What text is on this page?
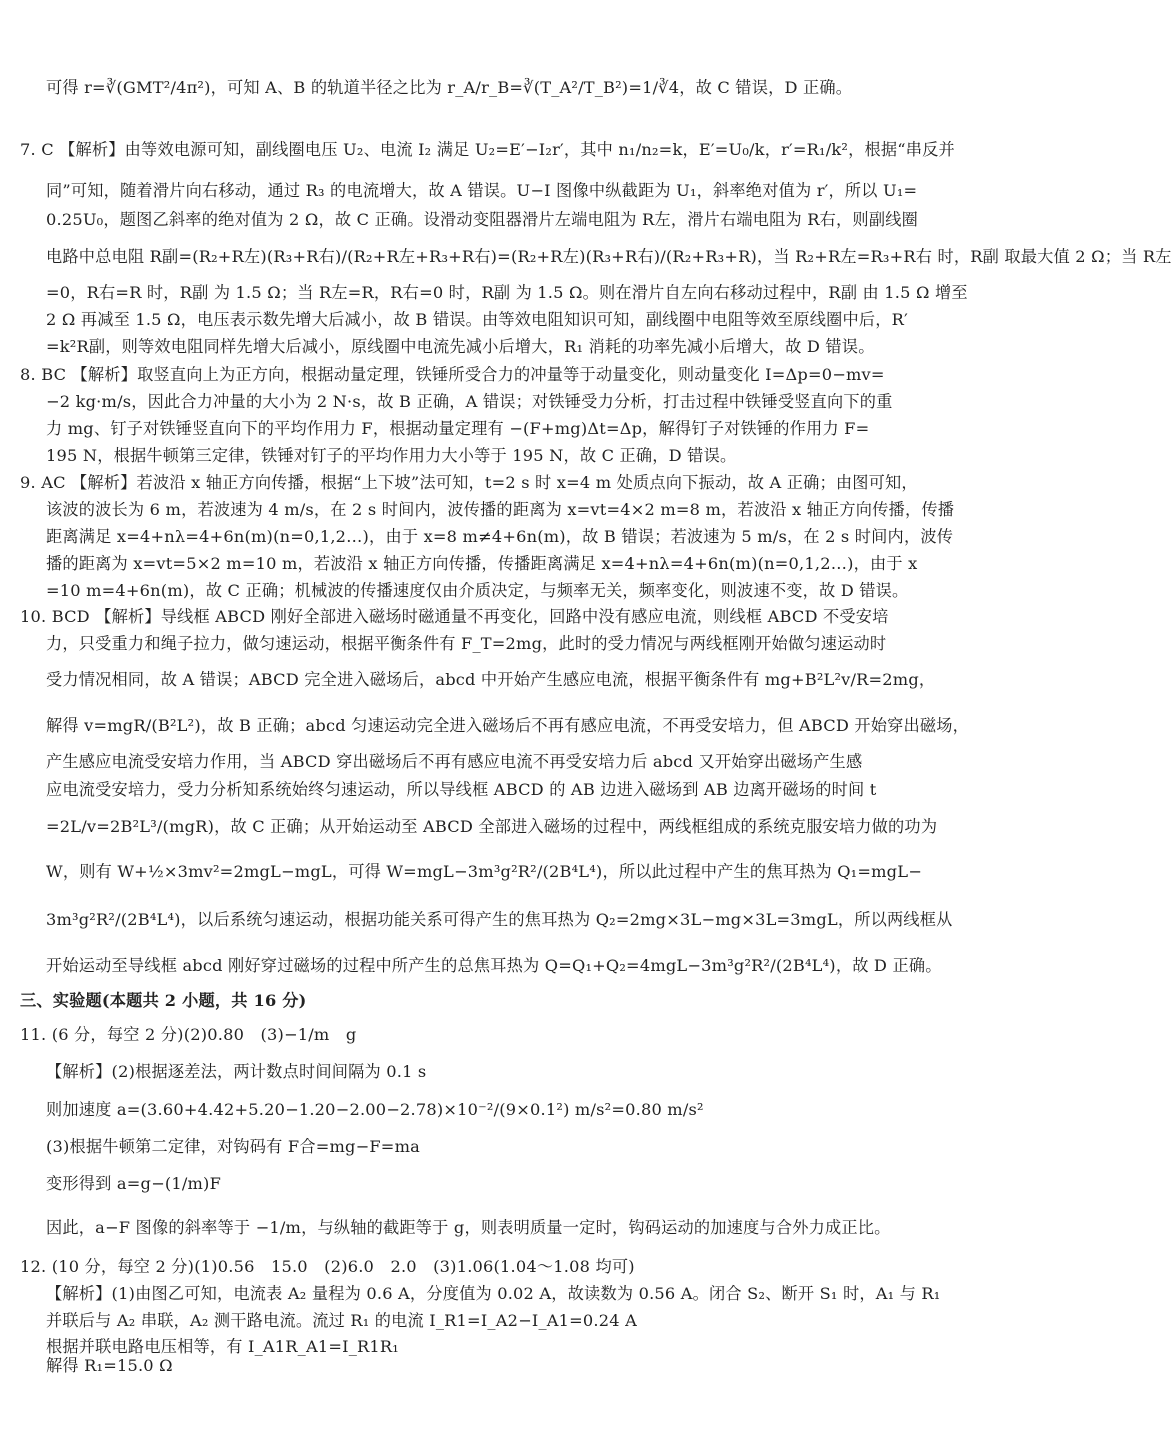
可得 r=∛(GMT²/4π²)，可知 A、B 的轨道半径之比为 r_A/r_B=∛(T_A²/T_B²)=1/∛4，故 C 错误，D 正确。
7. C 【解析】由等效电源可知，副线圈电压 U₂、电流 I₂ 满足 U₂=E′−I₂r′，其中 n₁/n₂=k，E′=U₀/k，r′=R₁/k²，根据“串反并
同”可知，随着滑片向右移动，通过 R₃ 的电流增大，故 A 错误。U−I 图像中纵截距为 U₁，斜率绝对值为 r′，所以 U₁=
0.25U₀，题图乙斜率的绝对值为 2 Ω，故 C 正确。设滑动变阻器滑片左端电阻为 R左，滑片右端电阻为 R右，则副线圈
电路中总电阻 R副=(R₂+R左)(R₃+R右)/(R₂+R左+R₃+R右)=(R₂+R左)(R₃+R右)/(R₂+R₃+R)，当 R₂+R左=R₃+R右 时，R副 取最大值 2 Ω；当 R左
=0，R右=R 时，R副 为 1.5 Ω；当 R左=R，R右=0 时，R副 为 1.5 Ω。则在滑片自左向右移动过程中，R副 由 1.5 Ω 增至
2 Ω 再减至 1.5 Ω，电压表示数先增大后减小，故 B 错误。由等效电阻知识可知，副线圈中电阻等效至原线圈中后，R′
=k²R副，则等效电阻同样先增大后减小，原线圈中电流先减小后增大，R₁ 消耗的功率先减小后增大，故 D 错误。
8. BC 【解析】取竖直向上为正方向，根据动量定理，铁锤所受合力的冲量等于动量变化，则动量变化 I=Δp=0−mv=
−2 kg·m/s，因此合力冲量的大小为 2 N·s，故 B 正确，A 错误；对铁锤受力分析，打击过程中铁锤受竖直向下的重
力 mg、钉子对铁锤竖直向下的平均作用力 F，根据动量定理有 −(F+mg)Δt=Δp，解得钉子对铁锤的作用力 F=
195 N，根据牛顿第三定律，铁锤对钉子的平均作用力大小等于 195 N，故 C 正确，D 错误。
9. AC 【解析】若波沿 x 轴正方向传播，根据“上下坡”法可知，t=2 s 时 x=4 m 处质点向下振动，故 A 正确；由图可知，
该波的波长为 6 m，若波速为 4 m/s，在 2 s 时间内，波传播的距离为 x=vt=4×2 m=8 m，若波沿 x 轴正方向传播，传播
距离满足 x=4+nλ=4+6n(m)(n=0,1,2…)，由于 x=8 m≠4+6n(m)，故 B 错误；若波速为 5 m/s，在 2 s 时间内，波传
播的距离为 x=vt=5×2 m=10 m，若波沿 x 轴正方向传播，传播距离满足 x=4+nλ=4+6n(m)(n=0,1,2…)，由于 x
=10 m=4+6n(m)，故 C 正确；机械波的传播速度仅由介质决定，与频率无关，频率变化，则波速不变，故 D 错误。
10. BCD 【解析】导线框 ABCD 刚好全部进入磁场时磁通量不再变化，回路中没有感应电流，则线框 ABCD 不受安培
力，只受重力和绳子拉力，做匀速运动，根据平衡条件有 F_T=2mg，此时的受力情况与两线框刚开始做匀速运动时
受力情况相同，故 A 错误；ABCD 完全进入磁场后，abcd 中开始产生感应电流，根据平衡条件有 mg+B²L²v/R=2mg，
解得 v=mgR/(B²L²)，故 B 正确；abcd 匀速运动完全进入磁场后不再有感应电流，不再受安培力，但 ABCD 开始穿出磁场，
产生感应电流受安培力作用，当 ABCD 穿出磁场后不再有感应电流不再受安培力后 abcd 又开始穿出磁场产生感
应电流受安培力，受力分析知系统始终匀速运动，所以导线框 ABCD 的 AB 边进入磁场到 AB 边离开磁场的时间 t
=2L/v=2B²L³/(mgR)，故 C 正确；从开始运动至 ABCD 全部进入磁场的过程中，两线框组成的系统克服安培力做的功为
W，则有 W+½×3mv²=2mgL−mgL，可得 W=mgL−3m³g²R²/(2B⁴L⁴)，所以此过程中产生的焦耳热为 Q₁=mgL−
3m³g²R²/(2B⁴L⁴)，以后系统匀速运动，根据功能关系可得产生的焦耳热为 Q₂=2mg×3L−mg×3L=3mgL，所以两线框从
开始运动至导线框 abcd 刚好穿过磁场的过程中所产生的总焦耳热为 Q=Q₁+Q₂=4mgL−3m³g²R²/(2B⁴L⁴)，故 D 正确。
三、实验题(本题共 2 小题，共 16 分)
11. (6 分，每空 2 分)(2)0.80　(3)−1/m　g
【解析】(2)根据逐差法，两计数点时间间隔为 0.1 s
则加速度 a=(3.60+4.42+5.20−1.20−2.00−2.78)×10⁻²/(9×0.1²) m/s²=0.80 m/s²
(3)根据牛顿第二定律，对钩码有 F合=mg−F=ma
变形得到 a=g−(1/m)F
因此，a−F 图像的斜率等于 −1/m，与纵轴的截距等于 g，则表明质量一定时，钩码运动的加速度与合外力成正比。
12. (10 分，每空 2 分)(1)0.56　15.0　(2)6.0　2.0　(3)1.06(1.04～1.08 均可)
【解析】(1)由图乙可知，电流表 A₂ 量程为 0.6 A，分度值为 0.02 A，故读数为 0.56 A。闭合 S₂、断开 S₁ 时，A₁ 与 R₁
并联后与 A₂ 串联，A₂ 测干路电流。流过 R₁ 的电流 I_R1=I_A2−I_A1=0.24 A
根据并联电路电压相等，有 I_A1R_A1=I_R1R₁
解得 R₁=15.0 Ω
